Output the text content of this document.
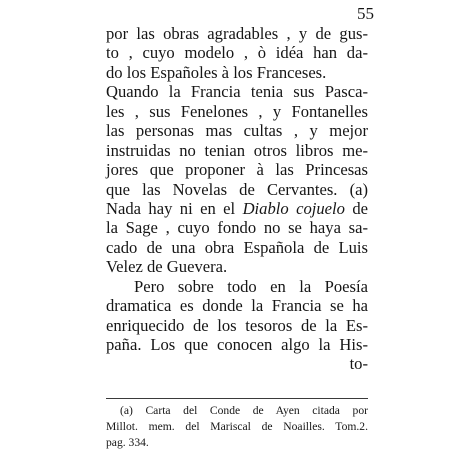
55
por las obras agradables , y de gus-
to , cuyo modelo , ò idéa han da-
do los Españoles à los Franceses.
Quando la Francia tenia sus Pasca-
les , sus Fenelones , y Fontanelles
las personas mas cultas , y mejor
instruidas no tenian otros libros me-
jores que proponer à las Princesas
que las Novelas de Cervantes. (a)
Nada hay ni en el Diablo cojuelo de
la Sage , cuyo fondo no se haya sa-
cado de una obra Española de Luis
Velez de Guevera.
Pero sobre todo en la Poesía
dramatica es donde la Francia se ha
enriquecido de los tesoros de la Es-
paña. Los que conocen algo la His-
to-
(a) Carta del Conde de Ayen citada por
Millot. mem. del Mariscal de Noailles. Tom.2.
pag. 334.
